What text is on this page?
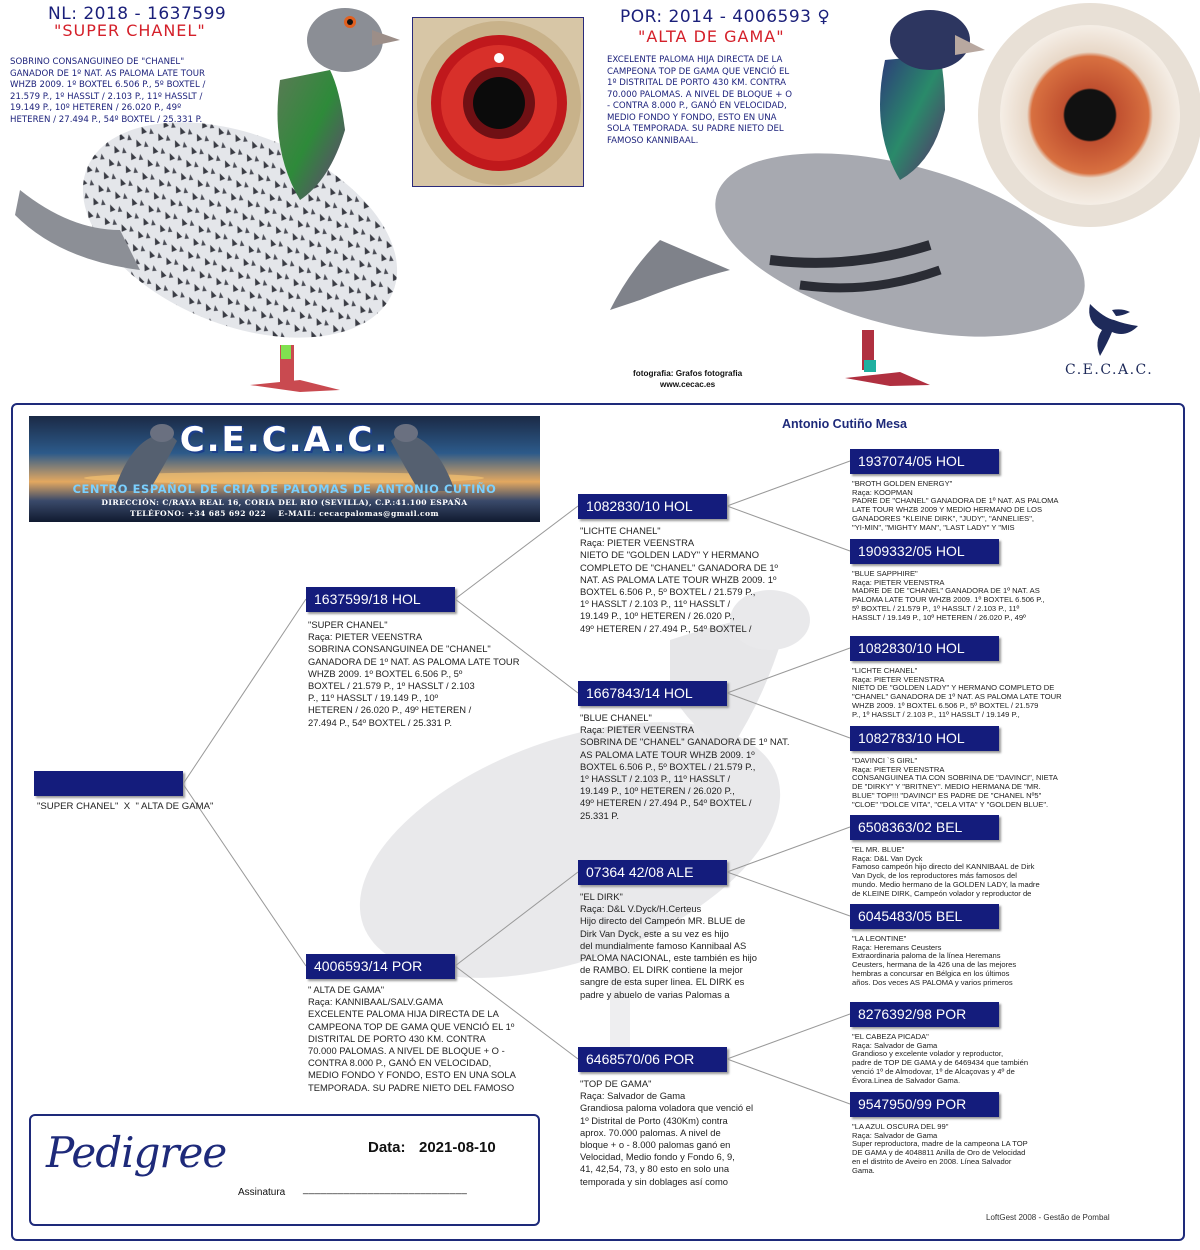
NL: 2018 - 1637599
"SUPER CHANEL"
SOBRINO CONSANGUINEO DE "CHANEL"
GANADOR DE 1º NAT. AS PALOMA LATE TOUR
WHZB 2009. 1º BOXTEL 6.506 P., 5º BOXTEL /
21.579 P., 1º HASSLT / 2.103 P., 11º HASSLT /
19.149 P., 10º HETEREN / 26.020 P., 49º
HETEREN / 27.494 P., 54º BOXTEL / 25.331 P.
POR: 2014 - 4006593 ♀
"ALTA DE GAMA"
EXCELENTE PALOMA HIJA DIRECTA DE LA
CAMPEONA TOP DE GAMA QUE VENCIÓ EL
1º DISTRITAL DE PORTO 430 KM. CONTRA
70.000 PALOMAS. A NIVEL DE BLOQUE + O
- CONTRA 8.000 P., GANÓ EN VELOCIDAD,
MEDIO FONDO Y FONDO, ESTO EN UNA
SOLA TEMPORADA. SU PADRE NIETO DEL
FAMOSO KANNIBAAL.
fotografia: Grafos fotografia
www.cecac.es
C.E.C.A.C.
Antonio Cutiño Mesa
C.E.C.A.C.
CENTRO ESPAÑOL DE CRIA DE PALOMAS DE ANTONIO CUTIÑO
DIRECCIÓN: C/RAYA REAL 16, CORIA DEL RIO (SEVILLA), C.P.:41.100 ESPAÑA
TELÉFONO: +34 685 692 022    E-MAIL: cecacpalomas@gmail.com
"SUPER CHANEL"  X  " ALTA DE GAMA"
1637599/18 HOL
"SUPER CHANEL"
Raça: PIETER VEENSTRA
SOBRINA CONSANGUINEA DE "CHANEL"
GANADORA DE 1º NAT. AS PALOMA LATE TOUR
WHZB 2009. 1º BOXTEL 6.506 P., 5º
BOXTEL / 21.579 P., 1º HASSLT / 2.103
P., 11º HASSLT / 19.149 P., 10º
HETEREN / 26.020 P., 49º HETEREN /
27.494 P., 54º BOXTEL / 25.331 P.
4006593/14 POR
" ALTA DE GAMA"
Raça: KANNIBAAL/SALV.GAMA
EXCELENTE PALOMA HIJA DIRECTA DE LA
CAMPEONA TOP DE GAMA QUE VENCIÓ EL 1º
DISTRITAL DE PORTO 430 KM. CONTRA
70.000 PALOMAS. A NIVEL DE BLOQUE + O -
CONTRA 8.000 P., GANÓ EN VELOCIDAD,
MEDIO FONDO Y FONDO, ESTO EN UNA SOLA
TEMPORADA. SU PADRE NIETO DEL FAMOSO
1082830/10 HOL
"LICHTE CHANEL"
Raça: PIETER VEENSTRA
NIETO DE "GOLDEN LADY" Y HERMANO
COMPLETO DE "CHANEL" GANADORA DE 1º
NAT. AS PALOMA LATE TOUR WHZB 2009. 1º
BOXTEL 6.506 P., 5º BOXTEL / 21.579 P.,
1º HASSLT / 2.103 P., 11º HASSLT /
19.149 P., 10º HETEREN / 26.020 P.,
49º HETEREN / 27.494 P., 54º BOXTEL /
1667843/14 HOL
"BLUE CHANEL"
Raça: PIETER VEENSTRA
SOBRINA DE "CHANEL" GANADORA DE 1º NAT.
AS PALOMA LATE TOUR WHZB 2009. 1º
BOXTEL 6.506 P., 5º BOXTEL / 21.579 P.,
1º HASSLT / 2.103 P., 11º HASSLT /
19.149 P., 10º HETEREN / 26.020 P.,
49º HETEREN / 27.494 P., 54º BOXTEL /
25.331 P.
07364 42/08 ALE
"EL DIRK"
Raça: D&L V.Dyck/H.Certeus
Hijo directo del Campeón MR. BLUE de
Dirk Van Dyck, este a su vez es hijo
del mundialmente famoso Kannibaal AS
PALOMA NACIONAL, este también es hijo
de RAMBO. EL DIRK contiene la mejor
sangre de esta super linea. EL DIRK es
padre y abuelo de varias Palomas a
6468570/06 POR
"TOP DE GAMA"
Raça: Salvador de Gama
Grandiosa paloma voladora que venció el
1º Distrital de Porto (430Km) contra
aprox. 70.000 palomas. A nivel de
bloque + o - 8.000 palomas ganó en
Velocidad, Medio fondo y Fondo 6, 9,
41, 42,54, 73, y 80 esto en solo una
temporada y sin doblages así como
1937074/05 HOL
"BROTH GOLDEN ENERGY"
Raça: KOOPMAN
PADRE DE "CHANEL" GANADORA DE 1º NAT. AS PALOMA
LATE TOUR WHZB 2009 Y MEDIO HERMANO DE LOS
GANADORES "KLEINE DIRK", "JUDY", "ANNELIES",
"YI-MIN", "MIGHTY MAN", "LAST LADY" Y "MIS
1909332/05 HOL
"BLUE SAPPHIRE"
Raça: PIETER VEENSTRA
MADRE DE DE "CHANEL" GANADORA DE 1º NAT. AS
PALOMA LATE TOUR WHZB 2009. 1º BOXTEL 6.506 P.,
5º BOXTEL / 21.579 P., 1º HASSLT / 2.103 P., 11º
HASSLT / 19.149 P., 10º HETEREN / 26.020 P., 49º
1082830/10 HOL
"LICHTE CHANEL"
Raça: PIETER VEENSTRA
NIETO DE "GOLDEN LADY" Y HERMANO COMPLETO DE
"CHANEL" GANADORA DE 1º NAT. AS PALOMA LATE TOUR
WHZB 2009. 1º BOXTEL 6.506 P., 5º BOXTEL / 21.579
P., 1º HASSLT / 2.103 P., 11º HASSLT / 19.149 P.,
1082783/10 HOL
"DAVINCI `S GIRL"
Raça: PIETER VEENSTRA
CONSANGUINEA TIA CON SOBRINA DE "DAVINCI", NIETA
DE "DIRKY" Y "BRITNEY". MEDIO HERMANA DE "MR.
BLUE" TOP!!! "DAVINCI" ES PADRE DE "CHANEL Nº5"
"CLOE" "DOLCE VITA", "CELA VITA" Y "GOLDEN BLUE".
6508363/02 BEL
"EL MR. BLUE"
Raça: D&L Van Dyck
Famoso campeón hijo directo del KANNIBAAL de Dirk
Van Dyck, de los reproductores más famosos del
mundo. Medio hermano de la GOLDEN LADY, la madre
de KLEINE DIRK, Campeón volador y reproductor de
6045483/05 BEL
"LA LEONTINE"
Raça: Heremans Ceusters
Extraordinaria paloma de la línea Heremans
Ceusters, hermana de la 426 una de las mejores
hembras a concursar en Bélgica en los últimos
años. Dos veces AS PALOMA y varios primeros
8276392/98 POR
"EL CABEZA PICADA"
Raça: Salvador de Gama
Grandioso y excelente volador y reproductor,
padre de TOP DE GAMA y de 6469434 que también
venció 1º de Almodovar, 1º de Alcaçovas y 4º de
Évora.Linea de Salvador Gama.
9547950/99 POR
"LA AZUL OSCURA DEL 99"
Raça: Salvador de Gama
Super reproductora, madre de la campeona LA TOP
DE GAMA y de 4048811 Anilla de Oro de Velocidad
en el distrito de Aveiro en 2008. Línea Salvador
Gama.
Pedigree	Data: 2021-08-10
Assinatura ____________________________
LoftGest 2008 - Gestão de Pombal
